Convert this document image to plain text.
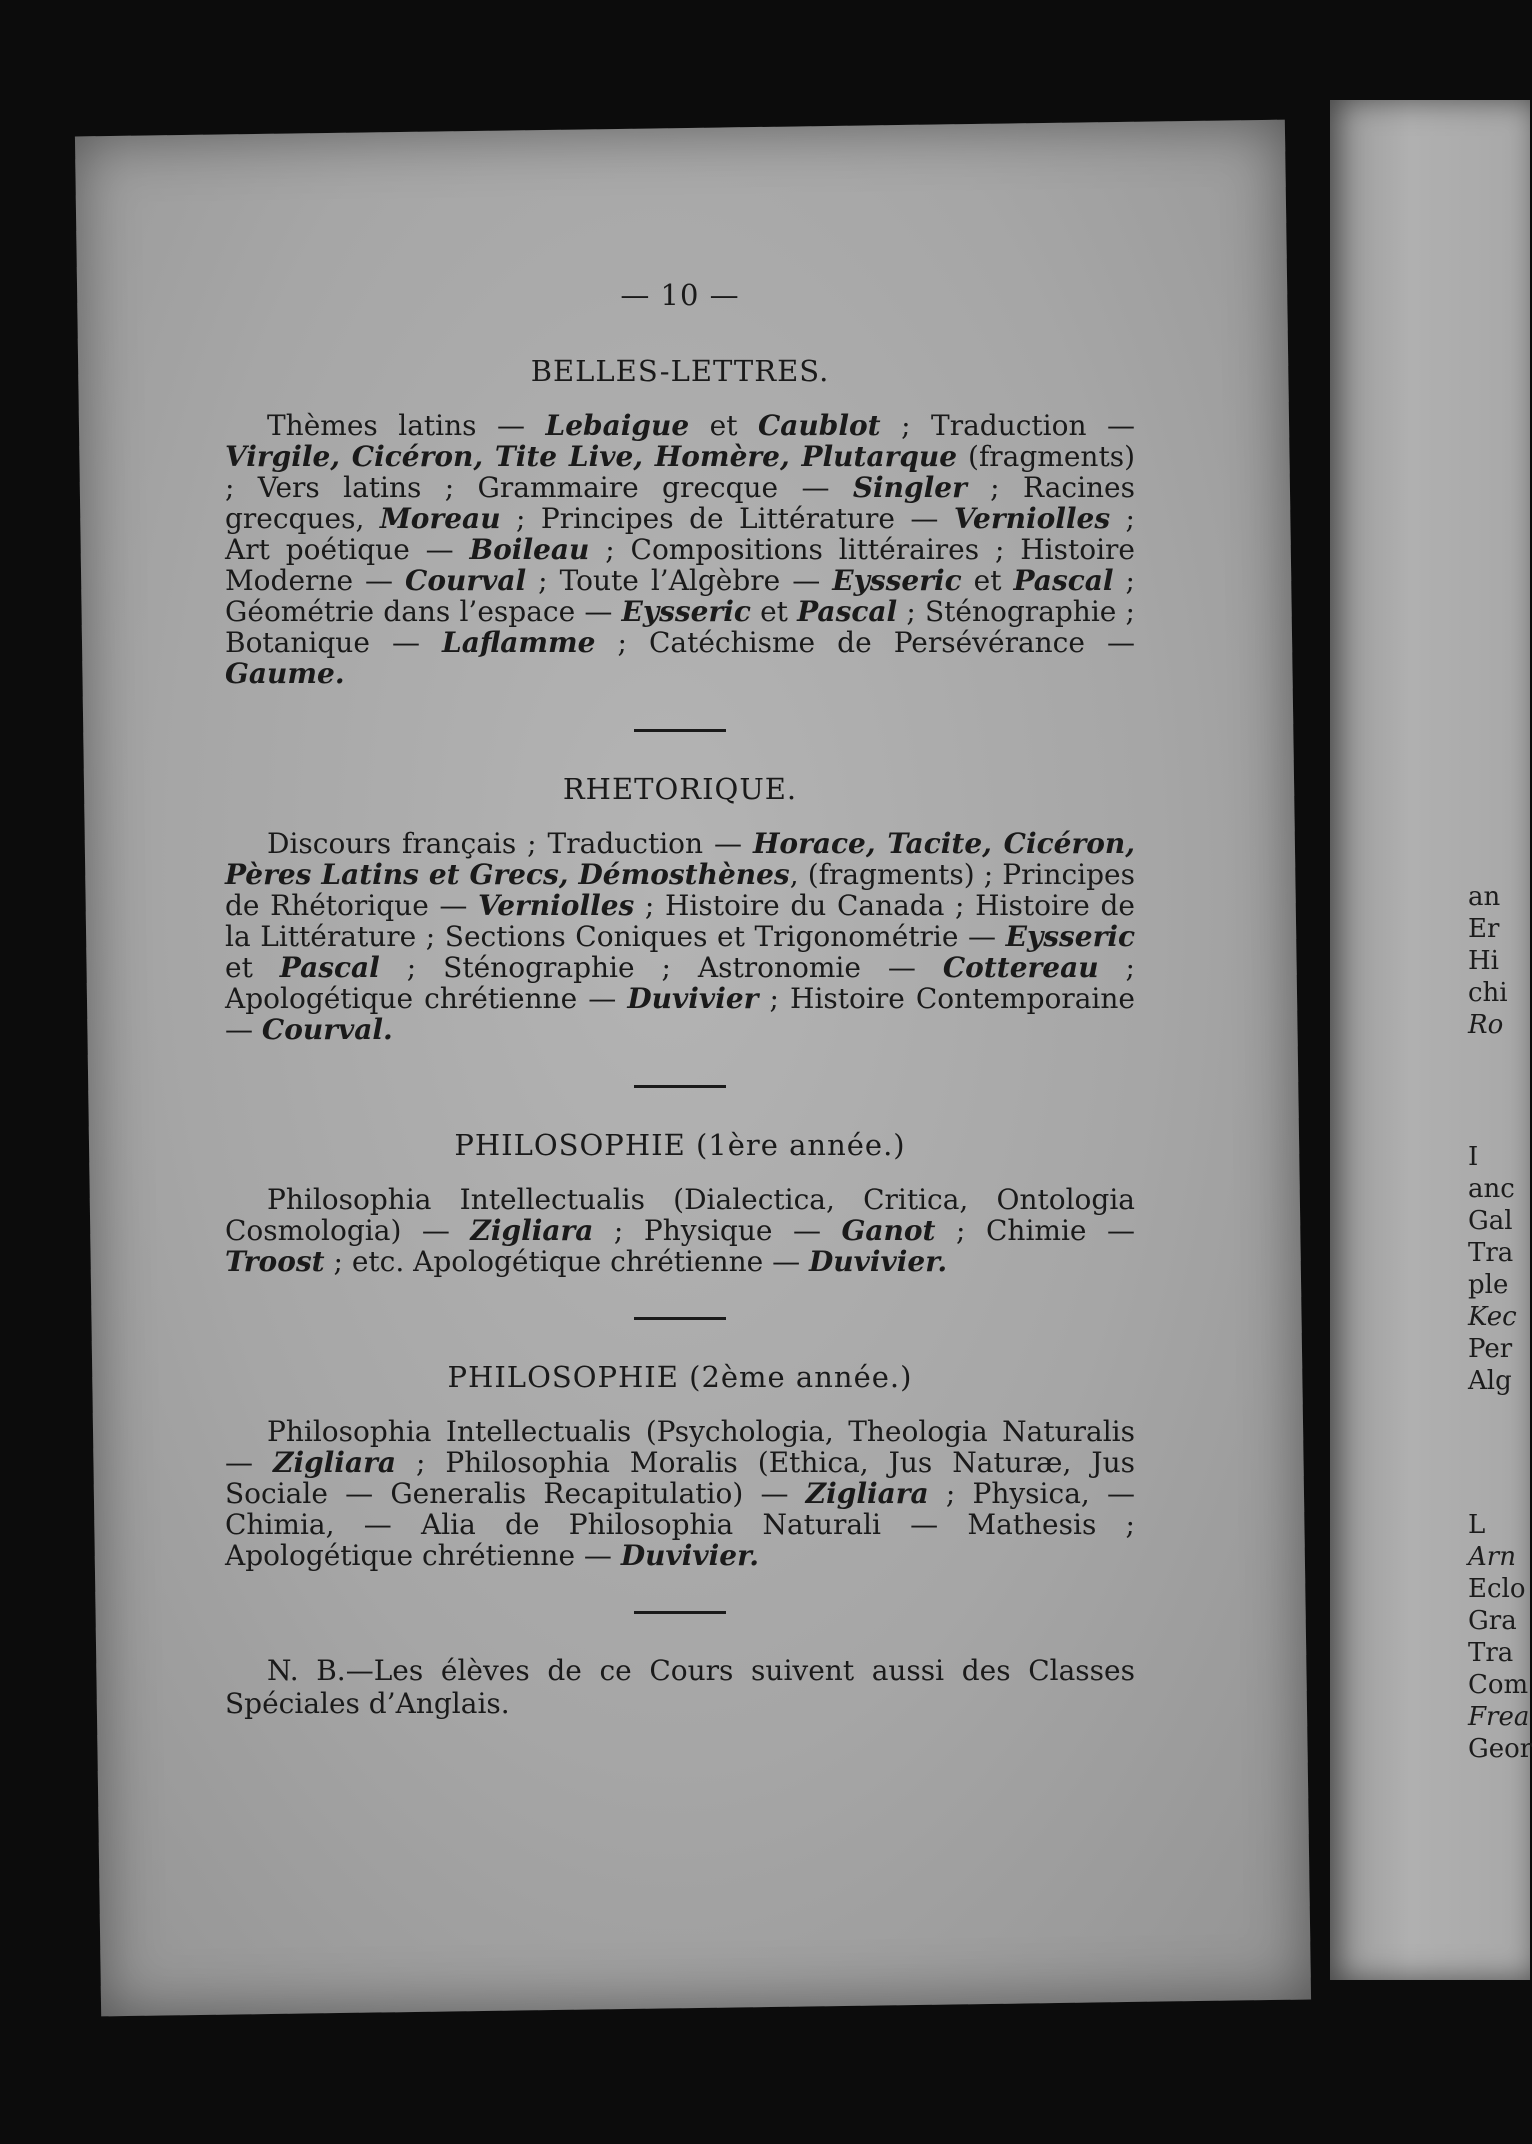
an
Er
Hi
chi
Ro
I
anc
Gal
Tra
ple
Kec
Per
Alg
L
Arn
Eclo
Gra
Tra
Com
Frea
Geor
— 10 —
BELLES-LETTRES.

Thèmes latins — Lebaigue et Caublot ; Traduction — Virgile, Cicéron, Tite Live, Homère, Plutarque (fragments) ; Vers latins ; Grammaire grecque — Singler ; Racines grecques, Moreau ; Principes de Littérature — Verniolles ; Art poétique — Boileau ; Compositions littéraires ; Histoire Moderne — Courval ; Toute l’Algèbre — Eysseric et Pascal ; Géométrie dans l’espace — Eysseric et Pascal ; Sténographie ; Botanique — Laflamme ; Catéchisme de Persévérance — Gaume.

RHETORIQUE.

Discours français ; Traduction — Horace, Tacite, Cicéron, Pères Latins et Grecs, Démosthènes, (fragments) ; Principes de Rhétorique — Verniolles ; Histoire du Canada ; Histoire de la Littérature ; Sections Coniques et Trigonométrie — Eysseric et Pascal ; Sténographie ; Astronomie — Cottereau ; Apologétique chrétienne — Duvivier ; Histoire Contemporaine — Courval.

PHILOSOPHIE (1ère année.)

Philosophia Intellectualis (Dialectica, Critica, Ontologia Cosmologia) — Zigliara ; Physique — Ganot ; Chimie — Troost ; etc. Apologétique chrétienne — Duvivier.

PHILOSOPHIE (2ème année.)

Philosophia Intellectualis (Psychologia, Theologia Naturalis — Zigliara ; Philosophia Moralis (Ethica, Jus Naturæ, Jus Sociale — Generalis Recapitulatio) — Zigliara ; Physica, — Chimia, — Alia de Philosophia Naturali — Mathesis ; Apologétique chrétienne — Duvivier.

N. B.—Les élèves de ce Cours suivent aussi des Classes Spéciales d’Anglais.
